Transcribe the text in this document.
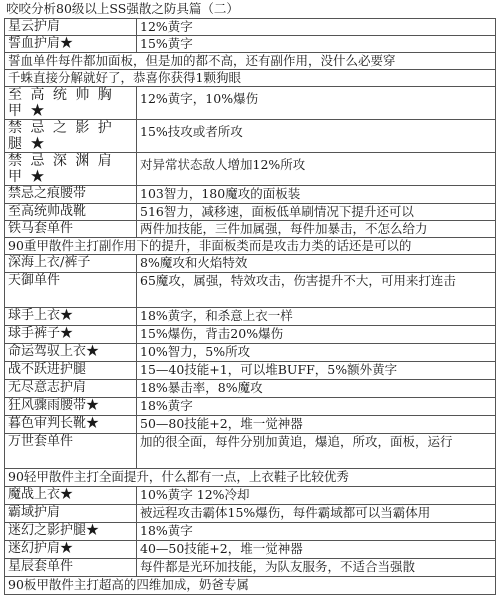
咬咬分析80级以上SS强散之防具篇（二）
星云护肩	12%黄字
誓血护肩★	15%黄字
誓血单件每件都加面板，但是加的都不高，还有副作用，没什么必要穿	
千蛛直接分解就好了，恭喜你获得1颗狗眼	
至 高 统 帅 胸 甲 ★	12%黄字，10%爆伤
禁 忌 之 影 护 腿 ★	15%技攻或者所攻
禁 忌 深 渊 肩 甲 ★	对异常状态敌人增加12%所攻
禁忌之痕腰带	103智力，180魔攻的面板装
至高统帅战靴	516智力，减移速，面板低单刷情况下提升还可以
铁马套单件	两件加技能，三件加属强，每件加暴击，不怎么给力
90重甲散件主打副作用下的提升，非面板类而是攻击力类的话还是可以的	
深海上衣/裤子	8%魔攻和火焰特效
天御单件	65魔攻，属强，特效攻击，伤害提升不大，可用来打连击
球手上衣★	18%黄字，和杀意上衣一样
球手裤子★	15%爆伤，背击20%爆伤
命运驾驭上衣★	10%智力，5%所攻
战不跃进护腿	15—40技能+1，可以堆BUFF，5%额外黄字
无尽意志护肩	18%暴击率，8%魔攻
狂风骤雨腰带★	18%黄字
暮色审判长靴★	50—80技能+2，堆一觉神器
万世套单件	加的很全面，每件分别加黄追，爆追，所攻，面板，运行
90轻甲散件主打全面提升，什么都有一点，上衣鞋子比较优秀	
魔战上衣★	10%黄字 12%冷却
霸域护肩	被远程攻击霸体15%爆伤，每件霸域都可以当霸体用
迷幻之影护腿★	18%黄字
迷幻护肩★	40—50技能+2，堆一觉神器
星辰套单件	每件都是光环加技能，为队友服务，不适合当强散
90板甲散件主打超高的四维加成，奶爸专属	
